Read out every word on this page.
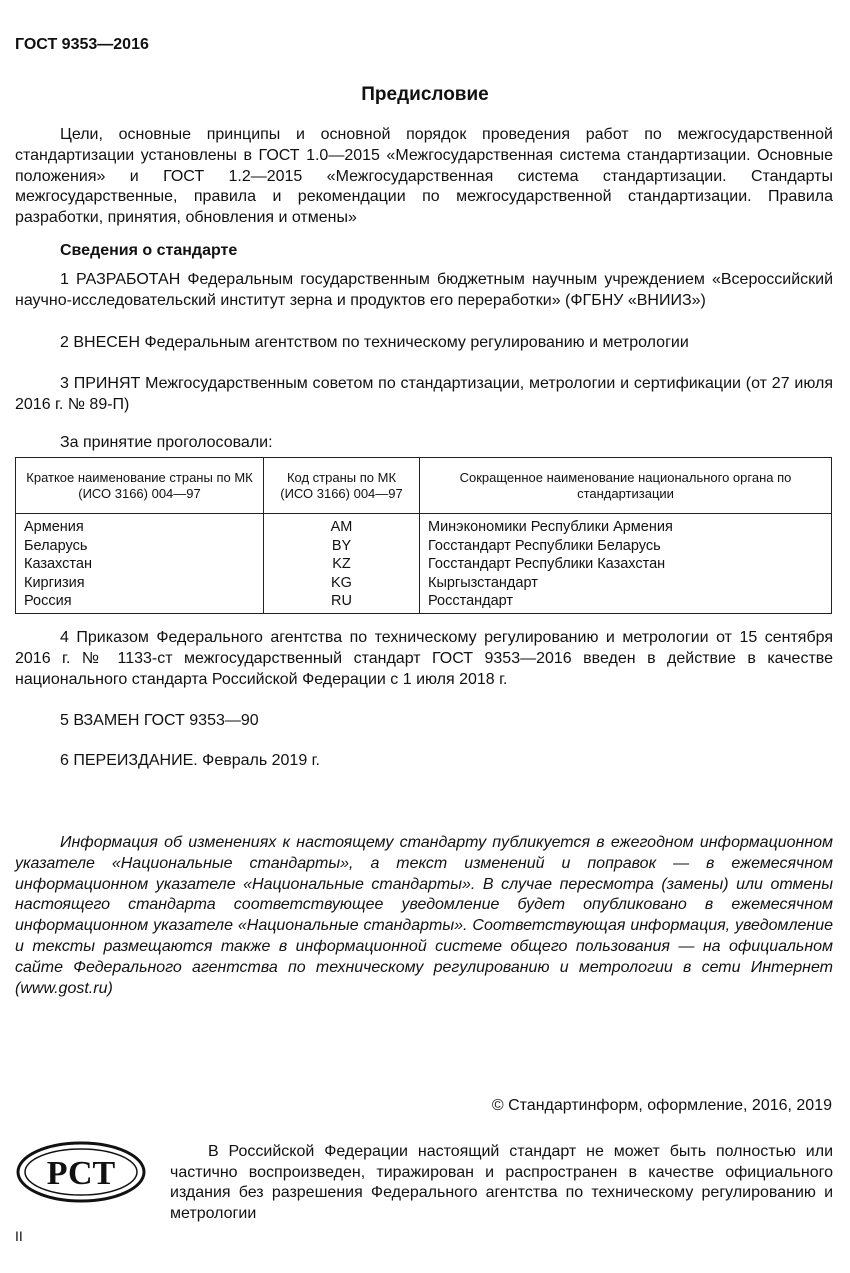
ГОСТ 9353—2016
Предисловие
Цели, основные принципы и основной порядок проведения работ по межгосударственной стандартизации установлены в ГОСТ 1.0—2015 «Межгосударственная система стандартизации. Основные положения» и ГОСТ 1.2—2015 «Межгосударственная система стандартизации. Стандарты межгосударственные, правила и рекомендации по межгосударственной стандартизации. Правила разработки, принятия, обновления и отмены»
Сведения о стандарте
1 РАЗРАБОТАН Федеральным государственным бюджетным научным учреждением «Всероссийский научно-исследовательский институт зерна и продуктов его переработки» (ФГБНУ «ВНИИЗ»)
2 ВНЕСЕН Федеральным агентством по техническому регулированию и метрологии
3 ПРИНЯТ Межгосударственным советом по стандартизации, метрологии и сертификации (от 27 июля 2016 г. № 89-П)
За принятие проголосовали:
Краткое наименование страны по МК (ИСО 3166) 004—97	Код страны по МК (ИСО 3166) 004—97	Сокращенное наименование национального органа по стандартизации
Армения	AM	Минэкономики Республики Армения
Беларусь	BY	Госстандарт Республики Беларусь
Казахстан	KZ	Госстандарт Республики Казахстан
Киргизия	KG	Кыргызстандарт
Россия	RU	Росстандарт
4 Приказом Федерального агентства по техническому регулированию и метрологии от 15 сентября 2016 г. № 1133-ст межгосударственный стандарт ГОСТ 9353—2016 введен в действие в качестве национального стандарта Российской Федерации с 1 июля 2018 г.
5 ВЗАМЕН ГОСТ 9353—90
6 ПЕРЕИЗДАНИЕ. Февраль 2019 г.
Информация об изменениях к настоящему стандарту публикуется в ежегодном информационном указателе «Национальные стандарты», а текст изменений и поправок — в ежемесячном информационном указателе «Национальные стандарты». В случае пересмотра (замены) или отмены настоящего стандарта соответствующее уведомление будет опубликовано в ежемесячном информационном указателе «Национальные стандарты». Соответствующая информация, уведомление и тексты размещаются также в информационной системе общего пользования — на официальном сайте Федерального агентства по техническому регулированию и метрологии в сети Интернет (www.gost.ru)
© Стандартинформ, оформление, 2016, 2019
РСТ
В Российской Федерации настоящий стандарт не может быть полностью или частично воспроизведен, тиражирован и распространен в качестве официального издания без разрешения Федерального агентства по техническому регулированию и метрологии
II
